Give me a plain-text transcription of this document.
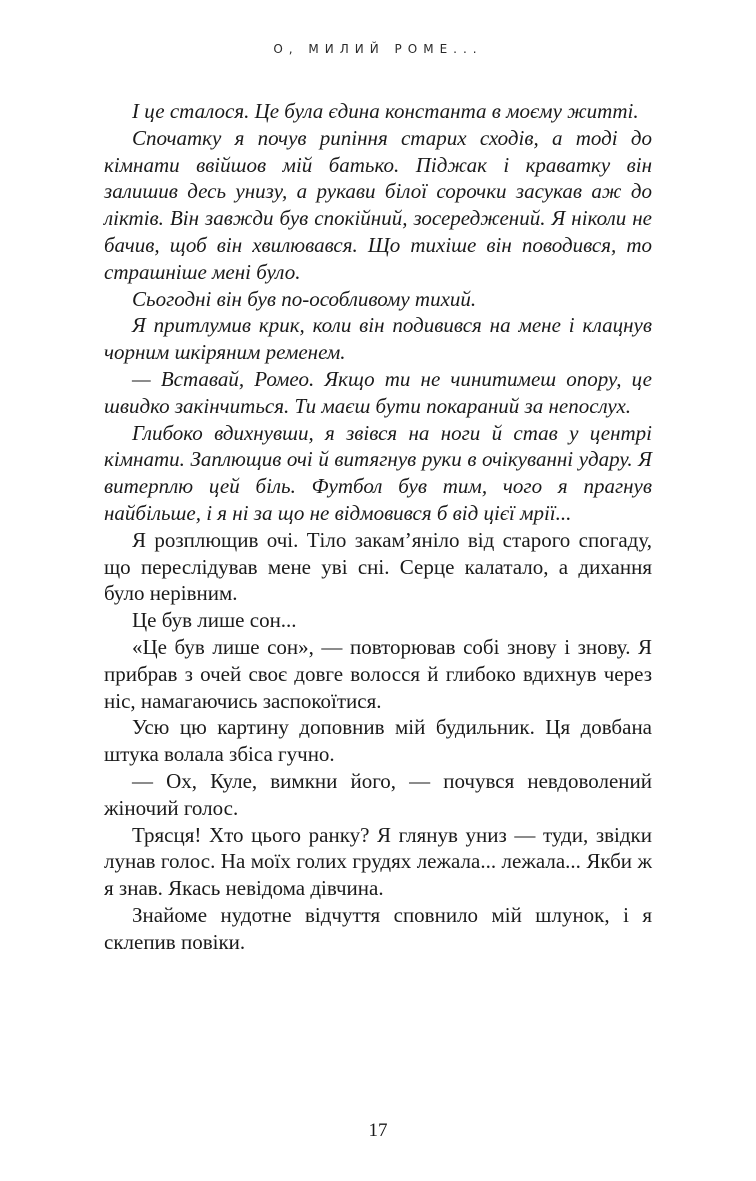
О, МИЛИЙ РОМЕ...

І це сталося. Це була єдина константа в моєму житті.

Спочатку я почув рипіння старих сходів, а тоді до кімнати ввійшов мій батько. Піджак і краватку він залишив десь унизу, а рукави білої сорочки засукав аж до ліктів. Він завжди був спокійний, зосереджений. Я ніколи не бачив, щоб він хвилювався. Що тихіше він поводився, то страшніше мені було.

Сьогодні він був по-особливому тихий.

Я притлумив крик, коли він подивився на мене і клацнув чорним шкіряним ременем.

— Вставай, Ромео. Якщо ти не чинитимеш опору, це швидко закінчиться. Ти маєш бути покараний за непослух.

Глибоко вдихнувши, я звівся на ноги й став у центрі кімнати. Заплющив очі й витягнув руки в очікуванні удару. Я витерплю цей біль. Футбол був тим, чого я прагнув найбільше, і я ні за що не відмовився б від цієї мрії...

Я розплющив очі. Тіло закам’яніло від старого спогаду, що переслідував мене уві сні. Серце калатало, а дихання було нерівним.

Це був лише сон...

«Це був лише сон», — повторював собі знову і знову. Я прибрав з очей своє довге волосся й глибоко вдихнув через ніс, намагаючись заспокоїтися.

Усю цю картину доповнив мій будильник. Ця довбана штука волала збіса гучно.

— Ох, Куле, вимкни його, — почувся невдоволений жіночий голос.

Трясця! Хто цього ранку? Я глянув униз — туди, звідки лунав голос. На моїх голих грудях лежала... лежала... Якби ж я знав. Якась невідома дівчина.

Знайоме нудотне відчуття сповнило мій шлунок, і я склепив повіки.

17
